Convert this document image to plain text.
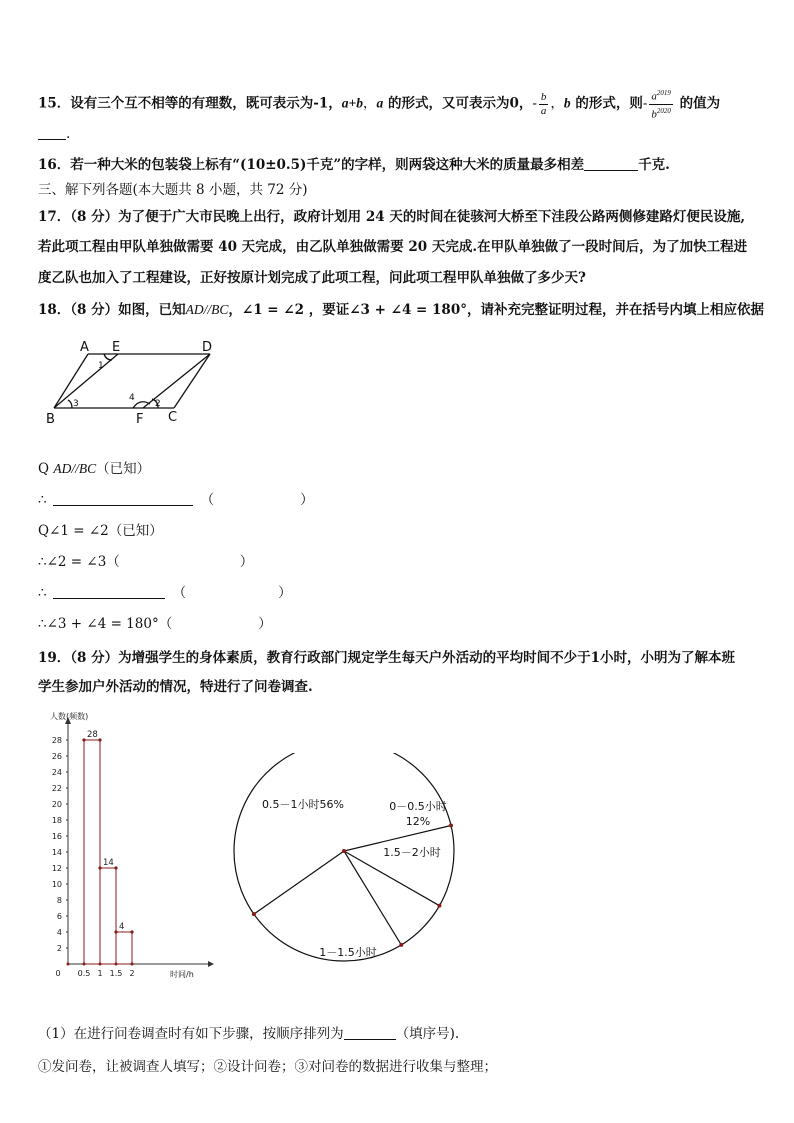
15．设有三个互不相等的有理数，既可表示为-1，a+b，a 的形式，又可表示为0，- $\frac{b}{a}$ ，b 的形式，则- $\frac{a^{2019}}{b^{2020}}$ 的值为
.
16．若一种大米的包装袋上标有“(10±0.5)千克”的字样，则两袋这种大米的质量最多相差	千克.
三、解下列各题(本大题共 8 小题，共 72 分)
17．（8 分）为了便于广大市民晚上出行，政府计划用 24 天的时间在徒骇河大桥至下洼段公路两侧修建路灯便民设施,
若此项工程由甲队单独做需要 40 天完成，由乙队单独做需要 20 天完成.在甲队单独做了一段时间后，为了加快工程进
度乙队也加入了工程建设，正好按原计划完成了此项工程，问此项工程甲队单独做了多少天?
18．（8 分）如图，已知AD//BC，∠1 = ∠2 ，要证∠3 + ∠4 = 180°，请补充完整证明过程，并在括号内填上相应依据
A E	D
B	F C
1
2
3
4
Q AD//BC（已知）
∴	（	）
Q∠1 = ∠2（已知）
∴∠2 = ∠3（	）
∴	（	）
∴∠3 + ∠4 = 180°（	）
19．（8 分）为增强学生的身体素质，教育行政部门规定学生每天户外活动的平均时间不少于1小时，小明为了解本班
学生参加户外活动的情况，特进行了问卷调查.
人数(频数)
时间/h
2
4
6
8
10
12
14
16
18
20
22
24
26
28
0 0.5 1 1.5 2
28
14
4
0.5－1小时56%	0－0.5小时
12%
1.5－2小时
1－1.5小时
（1）在进行问卷调查时有如下步骤，按顺序排列为	（填序号).
①发问卷，让被调查人填写；②设计问卷；③对问卷的数据进行收集与整理；
